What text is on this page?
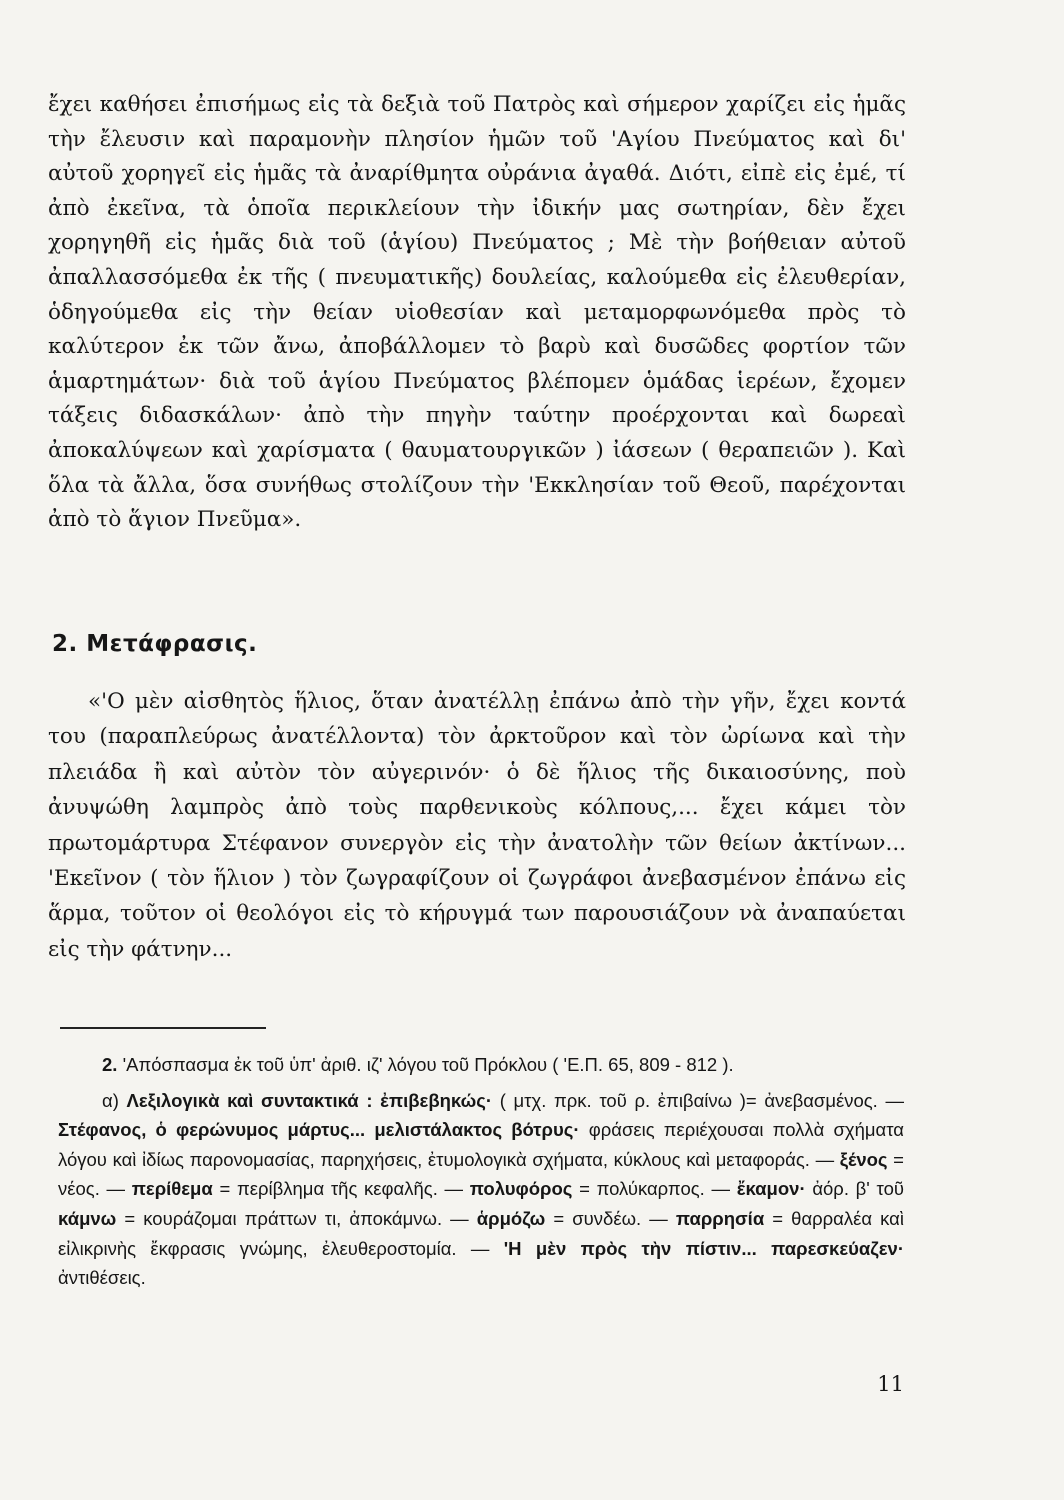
ἔχει καθήσει ἐπισήμως εἰς τὰ δεξιὰ τοῦ Πατρὸς καὶ σήμερον χαρίζει εἰς ἡμᾶς τὴν ἔλευσιν καὶ παραμονὴν πλησίον ἡμῶν τοῦ 'Αγίου Πνεύματος καὶ δι' αὐτοῦ χορηγεῖ εἰς ἡμᾶς τὰ ἀναρίθμητα οὐράνια ἀγαθά. Διότι, εἰπὲ εἰς ἐμέ, τί ἀπὸ ἐκεῖνα, τὰ ὁποῖα περικλείουν τὴν ἰδικήν μας σωτηρίαν, δὲν ἔχει χορηγηθῆ εἰς ἡμᾶς διὰ τοῦ (ἁγίου) Πνεύματος ; Μὲ τὴν βοήθειαν αὐτοῦ ἀπαλλασσόμεθα ἐκ τῆς ( πνευματικῆς) δουλείας, καλούμεθα εἰς ἐλευθερίαν, ὁδηγούμεθα εἰς τὴν θείαν υἱοθεσίαν καὶ μεταμορφωνόμεθα πρὸς τὸ καλύτερον ἐκ τῶν ἄνω, ἀποβάλλομεν τὸ βαρὺ καὶ δυσῶδες φορτίον τῶν ἁμαρτημάτων· διὰ τοῦ ἁγίου Πνεύματος βλέπομεν ὁμάδας ἱερέων, ἔχομεν τάξεις διδασκάλων· ἀπὸ τὴν πηγὴν ταύτην προέρχονται καὶ δωρεαὶ ἀποκαλύψεων καὶ χαρίσματα ( θαυματουργικῶν ) ἰάσεων ( θεραπειῶν ). Καὶ ὅλα τὰ ἄλλα, ὅσα συνήθως στολίζουν τὴν 'Εκκλησίαν τοῦ Θεοῦ, παρέχονται ἀπὸ τὸ ἅγιον Πνεῦμα».

2. Μετάφρασις.

«'Ο μὲν αἰσθητὸς ἥλιος, ὅταν ἀνατέλλῃ ἐπάνω ἀπὸ τὴν γῆν, ἔχει κοντά του (παραπλεύρως ἀνατέλλοντα) τὸν ἀρκτοῦρον καὶ τὸν ὠρίωνα καὶ τὴν πλειάδα ἢ καὶ αὐτὸν τὸν αὐγερινόν· ὁ δὲ ἥλιος τῆς δικαιοσύνης, ποὺ ἀνυψώθη λαμπρὸς ἀπὸ τοὺς παρθενικοὺς κόλπους,... ἔχει κάμει τὸν πρωτομάρτυρα Στέφανον συνεργὸν εἰς τὴν ἀνατολὴν τῶν θείων ἀκτίνων... 'Εκεῖνον ( τὸν ἥλιον ) τὸν ζωγραφίζουν οἱ ζωγράφοι ἀνεβασμένον ἐπάνω εἰς ἅρμα, τοῦτον οἱ θεολόγοι εἰς τὸ κήρυγμά των παρουσιάζουν νὰ ἀναπαύεται εἰς τὴν φάτνην...

2. 'Απόσπασμα ἐκ τοῦ ὑπ' ἀριθ. ιζ' λόγου τοῦ Πρόκλου ( 'Ε.Π. 65, 809 - 812 ).

α) Λεξιλογικὰ καὶ συντακτικά : ἐπιβεβηκώς· ( μτχ. πρκ. τοῦ ρ. ἐπιβαίνω )= ἀνεβασμένος. — Στέφανος, ὁ φερώνυμος μάρτυς... μελιστάλακτος βότρυς· φράσεις περιέχουσαι πολλὰ σχήματα λόγου καὶ ἰδίως παρονομασίας, παρηχήσεις, ἐτυμολογικὰ σχήματα, κύκλους καὶ μεταφοράς. — ξένος = νέος. — περίθεμα = περίβλημα τῆς κεφαλῆς. — πολυφόρος = πολύκαρπος. — ἔκαμον· ἀόρ. β' τοῦ κάμνω = κουράζομαι πράττων τι, ἀποκάμνω. — ἁρμόζω = συνδέω. — παρρησία = θαρραλέα καὶ εἰλικρινὴς ἔκφρασις γνώμης, ἐλευθεροστομία. — 'Η μὲν πρὸς τὴν πίστιν... παρεσκεύαζεν· ἀντιθέσεις.

11
